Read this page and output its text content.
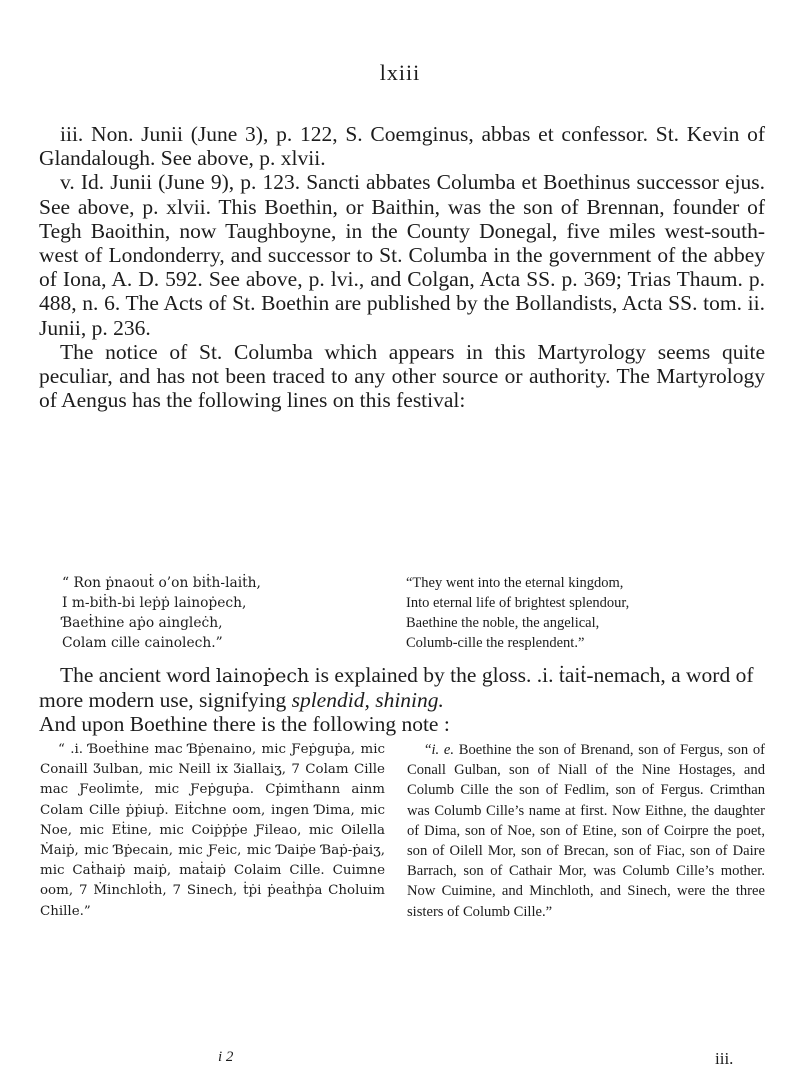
lxiii

iii. Non. Junii (June 3), p. 122, S. Coemginus, abbas et confessor. St. Kevin of Glandalough. See above, p. xlvii.

v. Id. Junii (June 9), p. 123. Sancti abbates Columba et Boethinus successor ejus. See above, p. xlvii. This Boethin, or Baithin, was the son of Brennan, founder of Tegh Baoithin, now Taughboyne, in the County Donegal, five miles west-south-west of Londonderry, and successor to St. Columba in the government of the abbey of Iona, A. D. 592. See above, p. lvi., and Colgan, Acta SS. p. 369; Trias Thaum. p. 488, n. 6. The Acts of St. Boethin are published by the Bollandists, Acta SS. tom. ii. Junii, p. 236.

The notice of St. Columba which appears in this Martyrology seems quite peculiar, and has not been traced to any other source or authority. The Martyrology of Aengus has the following lines on this festival:

“ Ron ṗnaouṫ o’on biṫh-laiṫh,
I m-biṫh-bi leṗṗ lainoṗech,
Ɓaeṫhine aṗo aingleċh,
Colam cille cainolech.”
“They went into the eternal kingdom,
Into eternal life of brightest splendour,
Baethine the noble, the angelical,
Columb-cille the resplendent.”

The ancient word lainoṗech is explained by the gloss. .i. ṫaiṫ-nemach, a word of more modern use, signifying splendid, shining.

And upon Boethine there is the following note :

“ .i. Ɓoeṫhine mac Ɓṗenaino, mic Ƒeṗguṗa, mic Conaill Ӡulban, mic Neill ix Ӡiallaiӡ, 7 Colam Cille mac Ƒeolimṫe, mic Ƒeṗguṗa. Cṗimṫhann ainm Colam Cille ṗṗiuṗ. Eiṫchne oom, ingen Ɗima, mic Noe, mic Eṫine, mic Coiṗṗṗe Ƒileao, mic Oilella Ṁaiṗ, mic Ɓṗecain, mic Ƒeic, mic Ɗaiṗe Ɓaṗ-ṗaiӡ, mic Caṫhaiṗ maiṗ, maṫaiṗ Colaim Cille. Cuimne oom, 7 Ṁinchloṫh, 7 Sinech, ṫṗi ṗeaṫhṗa Choluim Chille.”
“i. e. Boethine the son of Brenand, son of Fergus, son of Conall Gulban, son of Niall of the Nine Hostages, and Columb Cille the son of Fedlim, son of Fergus. Crimthan was Columb Cille’s name at first. Now Eithne, the daughter of Dima, son of Noe, son of Etine, son of Coirpre the poet, son of Oilell Mor, son of Brecan, son of Fiac, son of Daire Barrach, son of Cathair Mor, was Columb Cille’s mother. Now Cuimine, and Minchloth, and Sinech, were the three sisters of Columb Cille.”
i 2	iii.
